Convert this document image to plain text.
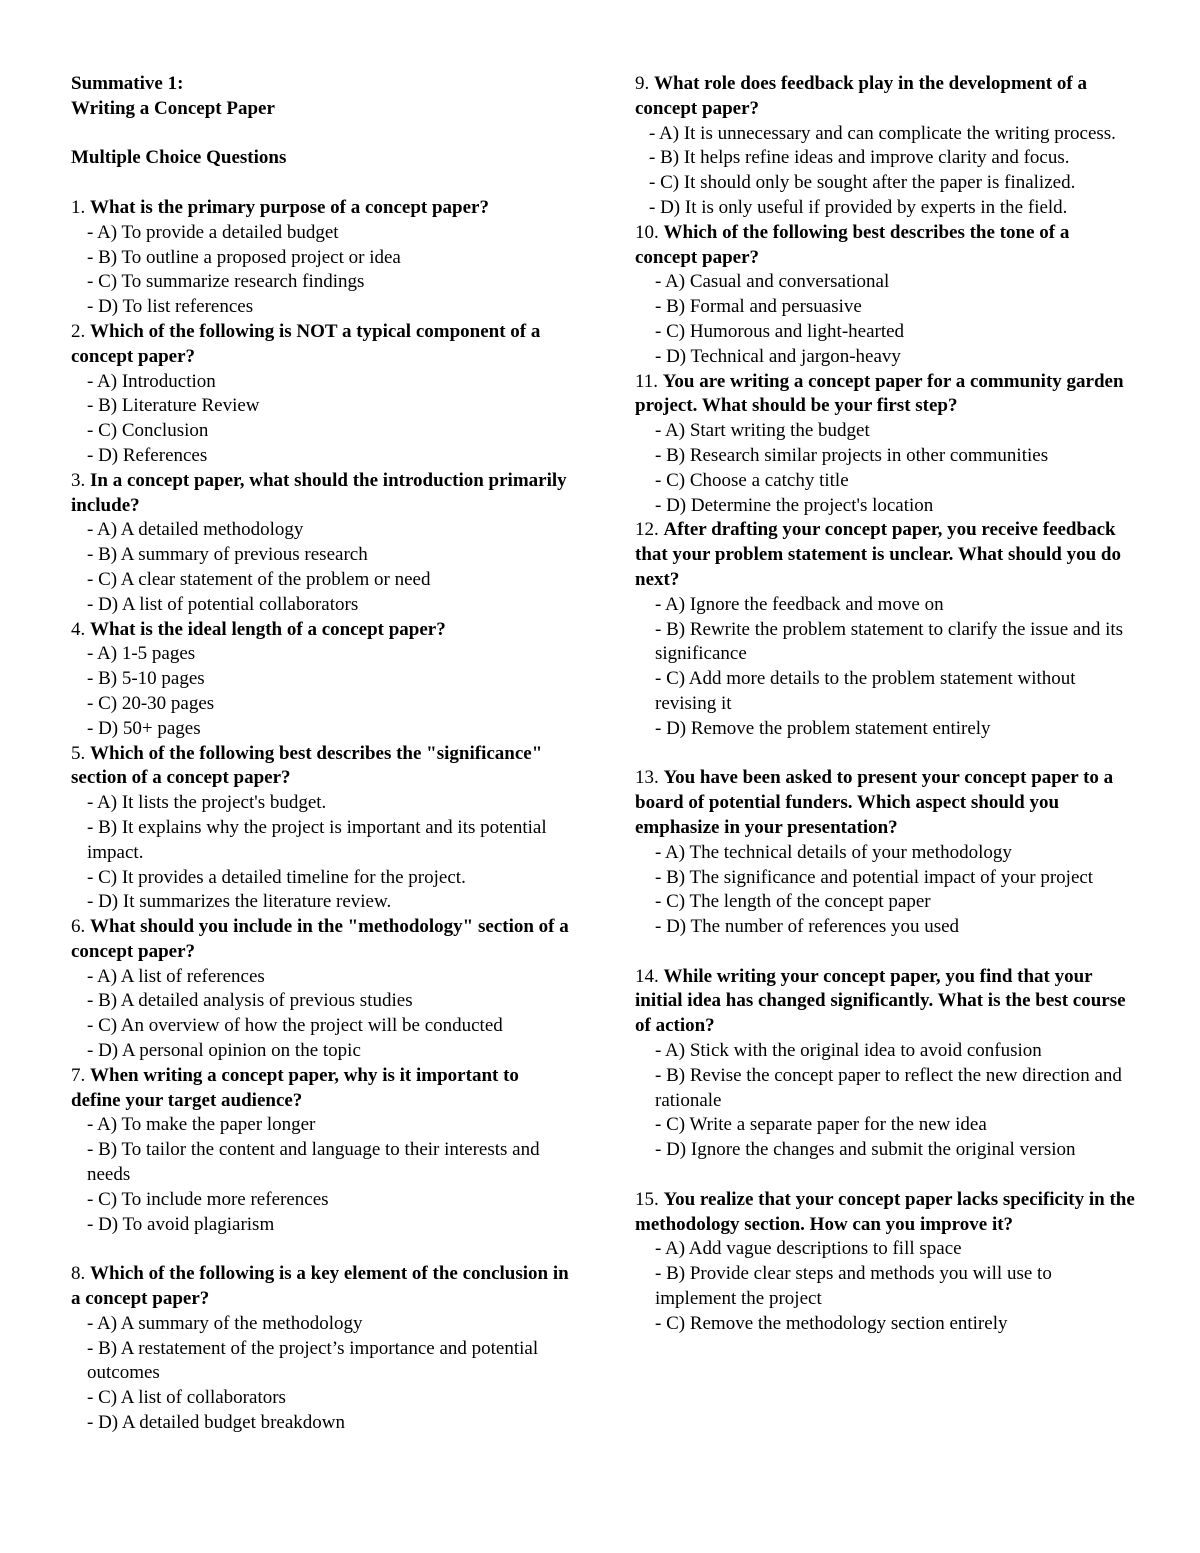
Summative 1:
Writing a Concept Paper
Multiple Choice Questions
1. What is the primary purpose of a concept paper?
- A) To provide a detailed budget
- B) To outline a proposed project or idea
- C) To summarize research findings
- D) To list references
2. Which of the following is NOT a typical component of a concept paper?
- A) Introduction
- B) Literature Review
- C) Conclusion
- D) References
3. In a concept paper, what should the introduction primarily include?
- A) A detailed methodology
- B) A summary of previous research
- C) A clear statement of the problem or need
- D) A list of potential collaborators
4. What is the ideal length of a concept paper?
- A) 1-5 pages
- B) 5-10 pages
- C) 20-30 pages
- D) 50+ pages
5. Which of the following best describes the "significance" section of a concept paper?
- A) It lists the project's budget.
- B) It explains why the project is important and its potential impact.
- C) It provides a detailed timeline for the project.
- D) It summarizes the literature review.
6. What should you include in the "methodology" section of a concept paper?
- A) A list of references
- B) A detailed analysis of previous studies
- C) An overview of how the project will be conducted
- D) A personal opinion on the topic
7. When writing a concept paper, why is it important to define your target audience?
- A) To make the paper longer
- B) To tailor the content and language to their interests and needs
- C) To include more references
- D) To avoid plagiarism
8. Which of the following is a key element of the conclusion in a concept paper?
- A) A summary of the methodology
- B) A restatement of the project’s importance and potential outcomes
- C) A list of collaborators
- D) A detailed budget breakdown
9. What role does feedback play in the development of a concept paper?
- A) It is unnecessary and can complicate the writing process.
- B) It helps refine ideas and improve clarity and focus.
- C) It should only be sought after the paper is finalized.
- D) It is only useful if provided by experts in the field.
10. Which of the following best describes the tone of a concept paper?
- A) Casual and conversational
- B) Formal and persuasive
- C) Humorous and light-hearted
- D) Technical and jargon-heavy
11. You are writing a concept paper for a community garden project. What should be your first step?
- A) Start writing the budget
- B) Research similar projects in other communities
- C) Choose a catchy title
- D) Determine the project's location
12. After drafting your concept paper, you receive feedback that your problem statement is unclear. What should you do next?
- A) Ignore the feedback and move on
- B) Rewrite the problem statement to clarify the issue and its significance
- C) Add more details to the problem statement without revising it
- D) Remove the problem statement entirely
13. You have been asked to present your concept paper to a board of potential funders. Which aspect should you emphasize in your presentation?
- A) The technical details of your methodology
- B) The significance and potential impact of your project
- C) The length of the concept paper
- D) The number of references you used
14. While writing your concept paper, you find that your initial idea has changed significantly. What is the best course of action?
- A) Stick with the original idea to avoid confusion
- B) Revise the concept paper to reflect the new direction and rationale
- C) Write a separate paper for the new idea
- D) Ignore the changes and submit the original version
15. You realize that your concept paper lacks specificity in the methodology section. How can you improve it?
- A) Add vague descriptions to fill space
- B) Provide clear steps and methods you will use to implement the project
- C) Remove the methodology section entirely
